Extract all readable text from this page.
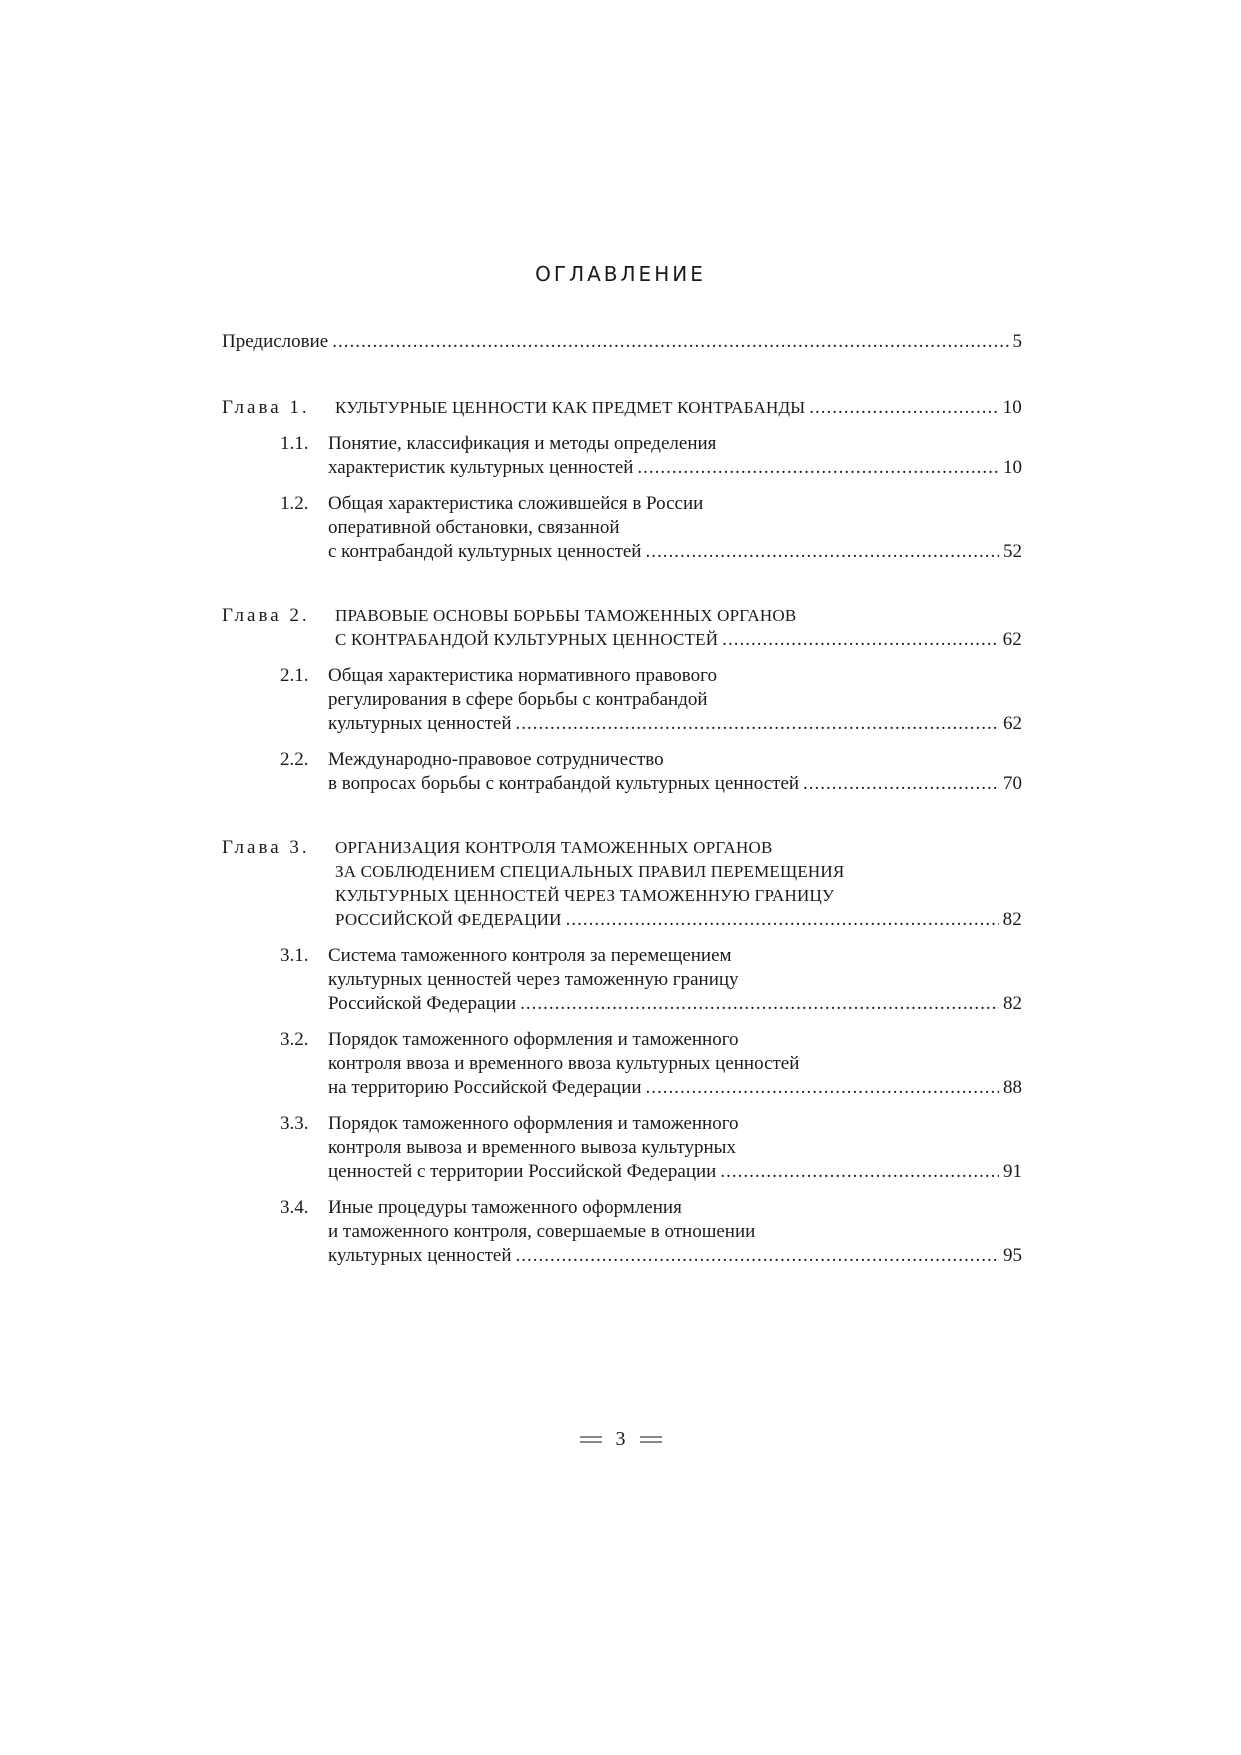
ОГЛАВЛЕНИЕ
Предисловие .....	5
Глава 1. КУЛЬТУРНЫЕ ЦЕННОСТИ КАК ПРЕДМЕТ КОНТРАБАНДЫ .....	10
1.1. Понятие, классификация и методы определения
характеристик культурных ценностей .....	10
1.2. Общая характеристика сложившейся в России
оперативной обстановки, связанной
с контрабандой культурных ценностей .....	52
Глава 2. ПРАВОВЫЕ ОСНОВЫ БОРЬБЫ ТАМОЖЕННЫХ ОРГАНОВ
С КОНТРАБАНДОЙ КУЛЬТУРНЫХ ЦЕННОСТЕЙ .....	62
2.1. Общая характеристика нормативного правового
регулирования в сфере борьбы с контрабандой
культурных ценностей .....	62
2.2. Международно-правовое сотрудничество
в вопросах борьбы с контрабандой культурных ценностей .....	70
Глава 3. ОРГАНИЗАЦИЯ КОНТРОЛЯ ТАМОЖЕННЫХ ОРГАНОВ
ЗА СОБЛЮДЕНИЕМ СПЕЦИАЛЬНЫХ ПРАВИЛ ПЕРЕМЕЩЕНИЯ
КУЛЬТУРНЫХ ЦЕННОСТЕЙ ЧЕРЕЗ ТАМОЖЕННУЮ ГРАНИЦУ
РОССИЙСКОЙ ФЕДЕРАЦИИ .....	82
3.1. Система таможенного контроля за перемещением
культурных ценностей через таможенную границу
Российской Федерации .....	82
3.2. Порядок таможенного оформления и таможенного
контроля ввоза и временного ввоза культурных ценностей
на территорию Российской Федерации .....	88
3.3. Порядок таможенного оформления и таможенного
контроля вывоза и временного вывоза культурных
ценностей с территории Российской Федерации .....	91
3.4. Иные процедуры таможенного оформления
и таможенного контроля, совершаемые в отношении
культурных ценностей .....	95
3
